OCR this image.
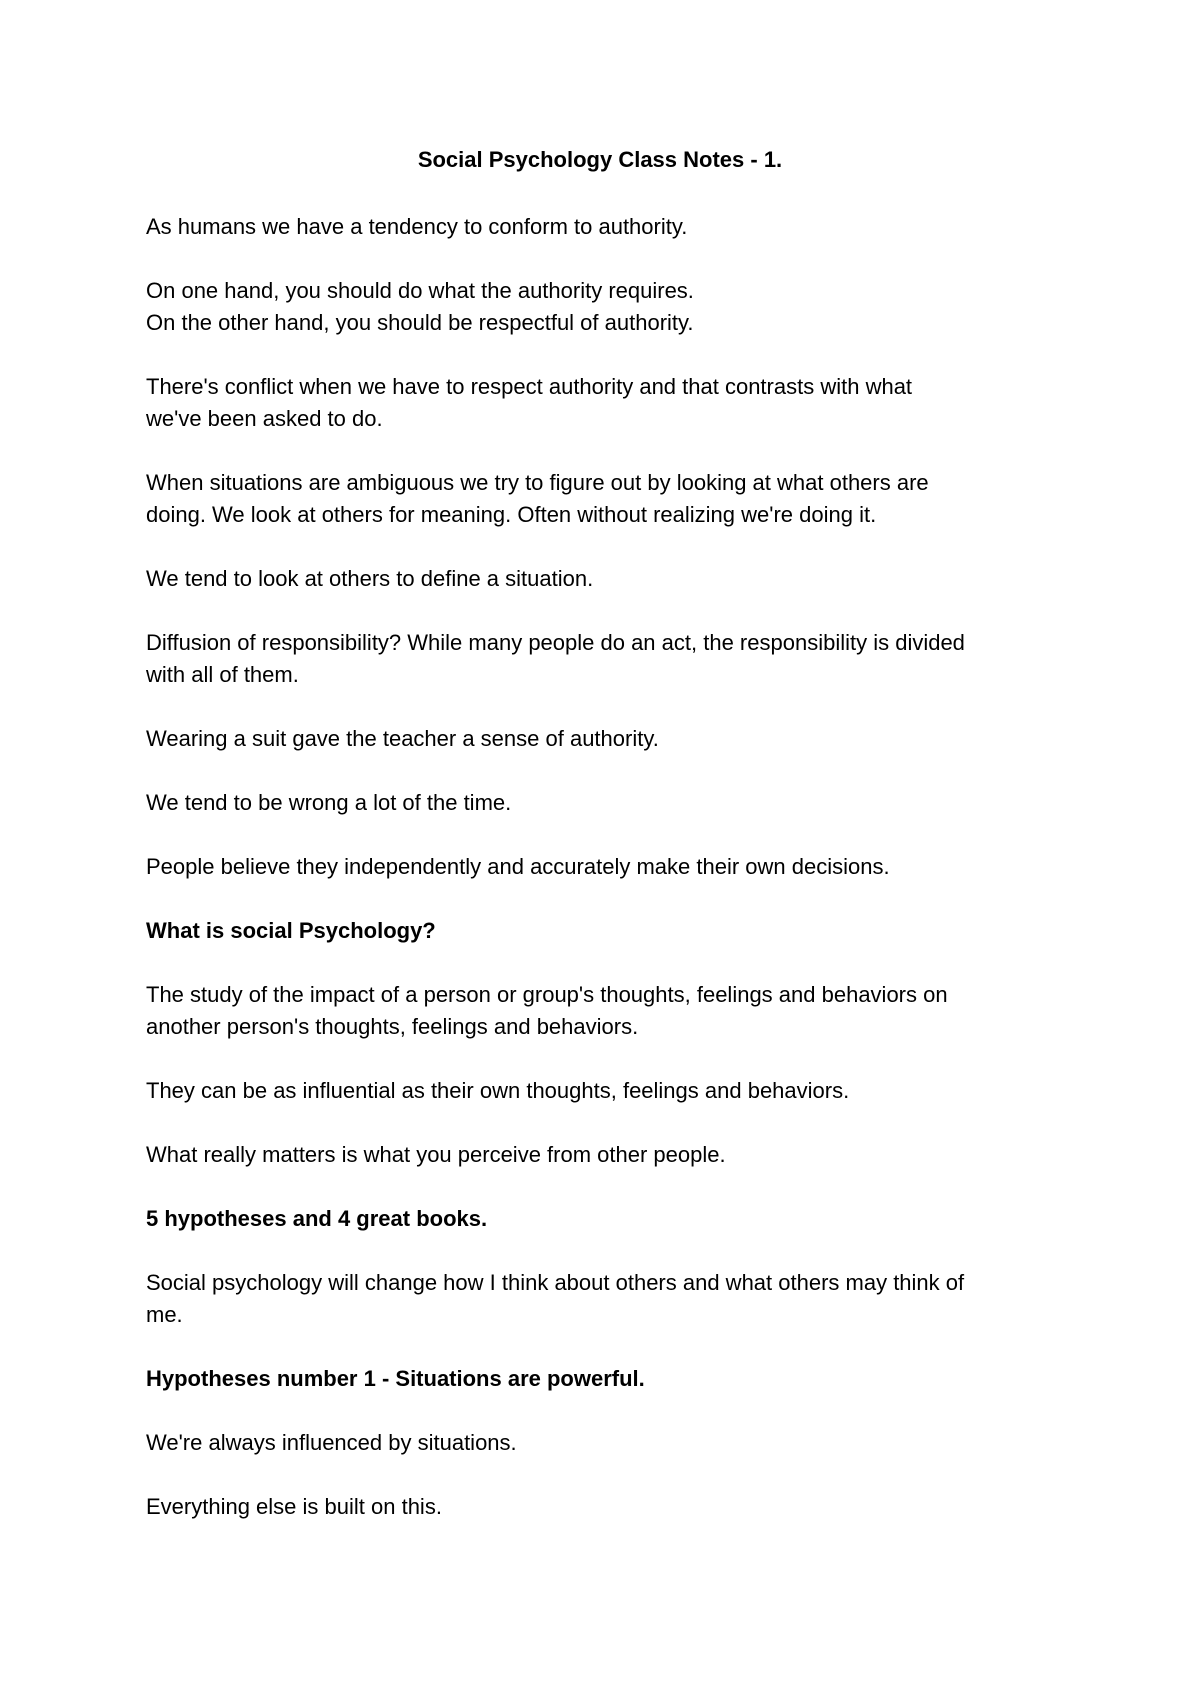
Social Psychology Class Notes - 1.

As humans we have a tendency to conform to authority.

On one hand, you should do what the authority requires.

On the other hand, you should be respectful of authority.

There's conflict when we have to respect authority and that contrasts with what

we've been asked to do.

When situations are ambiguous we try to figure out by looking at what others are

doing. We look at others for meaning. Often without realizing we're doing it.

We tend to look at others to define a situation.

Diffusion of responsibility? While many people do an act, the responsibility is divided

with all of them.

Wearing a suit gave the teacher a sense of authority.

We tend to be wrong a lot of the time.

People believe they independently and accurately make their own decisions.

What is social Psychology?

The study of the impact of a person or group's thoughts, feelings and behaviors on

another person's thoughts, feelings and behaviors.

They can be as influential as their own thoughts, feelings and behaviors.

What really matters is what you perceive from other people.

5 hypotheses and 4 great books.

Social psychology will change how I think about others and what others may think of

me.

Hypotheses number 1 - Situations are powerful.

We're always influenced by situations.

Everything else is built on this.
